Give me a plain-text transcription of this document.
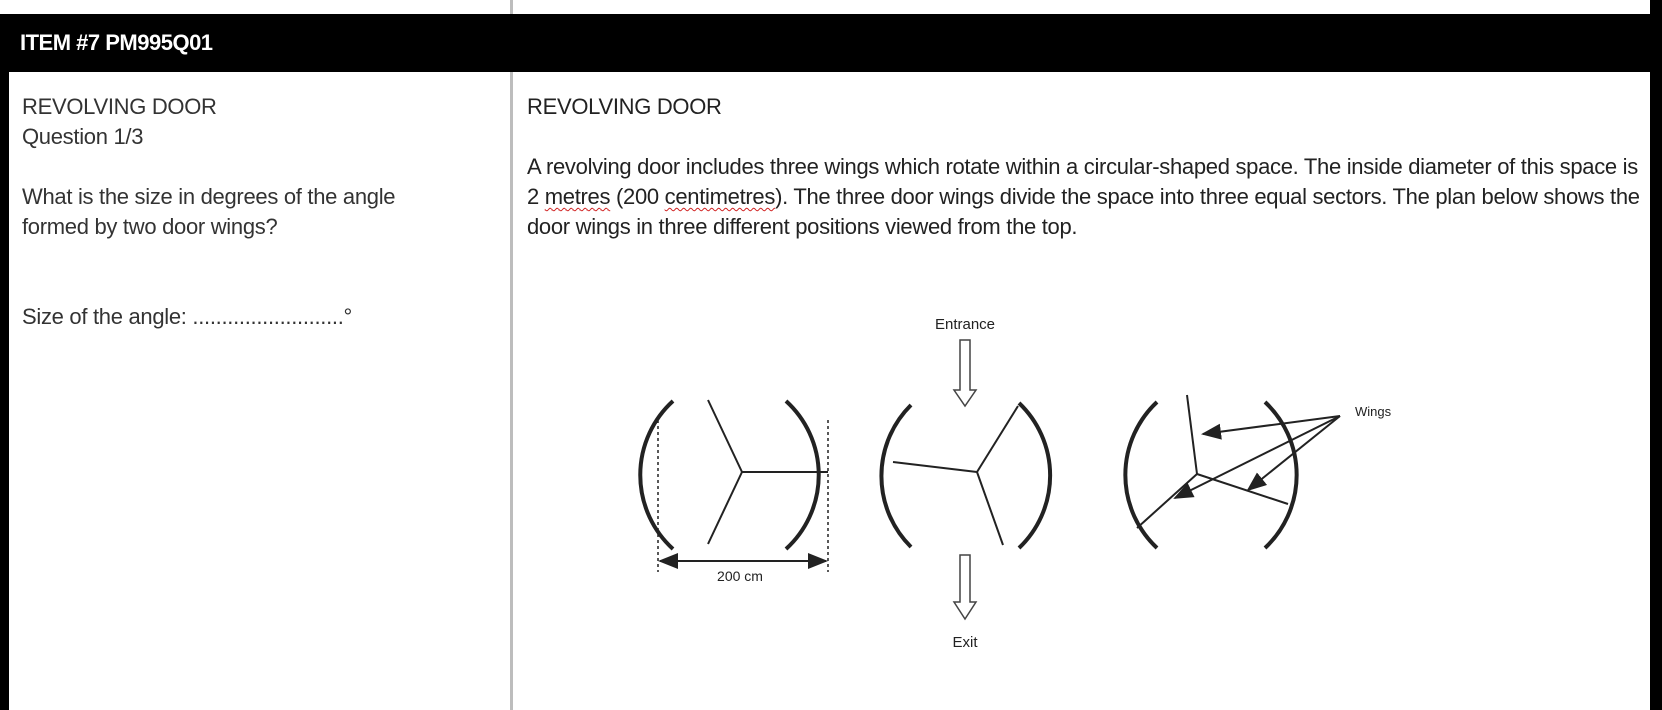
ITEM #7 PM995Q01

REVOLVING DOOR

Question 1/3

What is the size in degrees of the angle formed by two door wings?

Size of the angle: ..........................°

REVOLVING DOOR

A revolving door includes three wings which rotate within a circular-shaped space. The inside diameter of this space is 2 metres (200 centimetres). The three door wings divide the space into three equal sectors. The plan below shows the door wings in three different positions viewed from the top.

200 cm
Entrance
Exit
Wings
